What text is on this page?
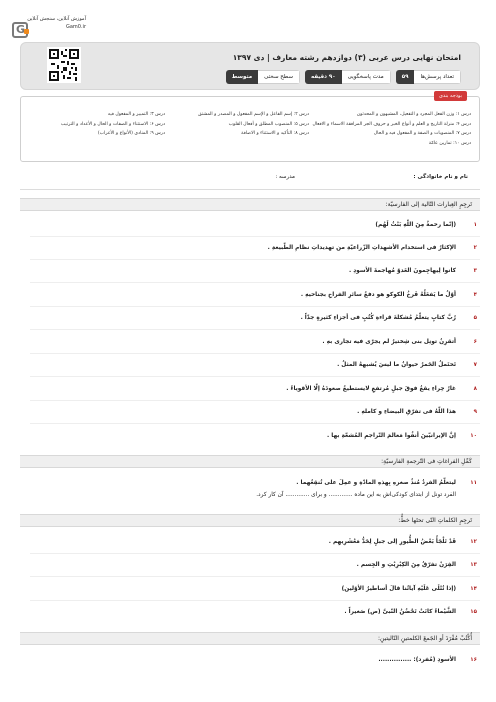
آموزش آنلاین، سنجش آنلاین
Gam0.ir
G
امتحان نهایی درس عربی (۳) دوازدهم رشته معارف | دی ۱۳۹۷
تعداد پرسش‌ها
۵۹
مدت پاسخگویی
۹۰ دقیقه
سطح سختی
متوسط
بودجه بندی
درس ۱: وزن الفعل المجرد و التفعیل، المشبهون و المحدثون
درس ۴: منزلة التاریخ و العلم و أنواع الخبر و حروف الجر المرافقة الاسماء و الافعال
درس ۷: المنصوبات و الصفة و المفعول فیه و الحال
درس ۱۰: تمارین عامّة
درس ۲: إسم الفاعل و الإسم المفعول و المصدر و المشتق
درس ۵: المنصوب المطلق و أفعال القلوب
درس ۸: التأکید و الاستثناء و الاضافة
درس ۳: التمییز و المفعول فیه
درس ۶: الاستثناء و الصفات و الحال و الأعداد و الترتیب
درس ۹: المنادی (الأنواع و الأعراب)
نام و نام خانوادگی :
مدرسه :
تَرجِمِ العِبارات التّالیة إلی الفارسیّة:
۱
(إنّما رحمةٌ مِنَ اللّهِ بَنْتُ لَهُم)
۲
الإکثارُ فی استخدام الأشهداتِ الزّراعیّةِ من تهدیداتِ نظامِ الطّبیعةِ .
۳
کانوا لِیهاجِمونَ العَدوّ مُهاجمةَ الأسودِ .
۴
أوّلُ ما یَفعَلُهُ فَرخُ الکوکو هو دفعُ سائرِ الفراخِ بجناحیهِ .
۵
رُبَّ کتابٍ یتعلّمُ مُشکلةَ قراءةِ کُتُبٍ فی أجزاءِ کثیرةٍ جدّاً .
۶
أتقرِنُ تونِل بنی شِختیرُ لم یجرّی فیه تجاری بهِ .
۷
تَحتَملُ الحَمرُ حیوانٌ ما لیسَ یُشبههُ المثلُ .
۸
غارُ حِراءِ یقعُ فوقَ جبلٍ مُرتفعٍ لایستطیعُ صعودَهُ إلّا الأقویاءُ .
۹
هذا اللّهُ فی تفرّقِ البیضاءِ و کاملهِ .
۱۰
إنَّ الإیرانیّینَ أنفُوا مَعالمَ التّراجمِ المُشعّةِ بها .
کَمِّلِ الفراغاتِ فی التّرجمةِ الفارسیّةِ:
۱۱
لیتعلّمُ الفردُ مُنذُ صغرهِ بِهذهِ المادّةِ و عمِلَ علی تُنقِعُهما .
الفرد تونل از ابتدای کودکی‌اش به این ماده ............. و برای ............. آن کار کرد.
تَرجِمِ الکلماتِ التّی تحتَها خطٌّ:
۱۲
قَدْ تَلْجَأُ بَعْضُ الطُّیورِ إلی جبلٍ لِحَدُّ مَعْشَرِیهِم .
۱۳
الفِرَنْ تفرّقُ مِنَ الکِبْرِیْتِ و الجِسم .
۱۴
(إذا تُتْلَی عَلَیْهِ آیاتُنا قالَ أساطیرُ الأوّلین)
۱۵
الشَّیْماءُ کانَتْ تَحْضُنُ النّبیَّ (ص) صَغیراً .
أُکْتُبْ مُفْرَدَ أو الجَمعَ الکلمتینِ التّالیتینِ:
۱۶
الأسودِ (مُفرد): ...............
